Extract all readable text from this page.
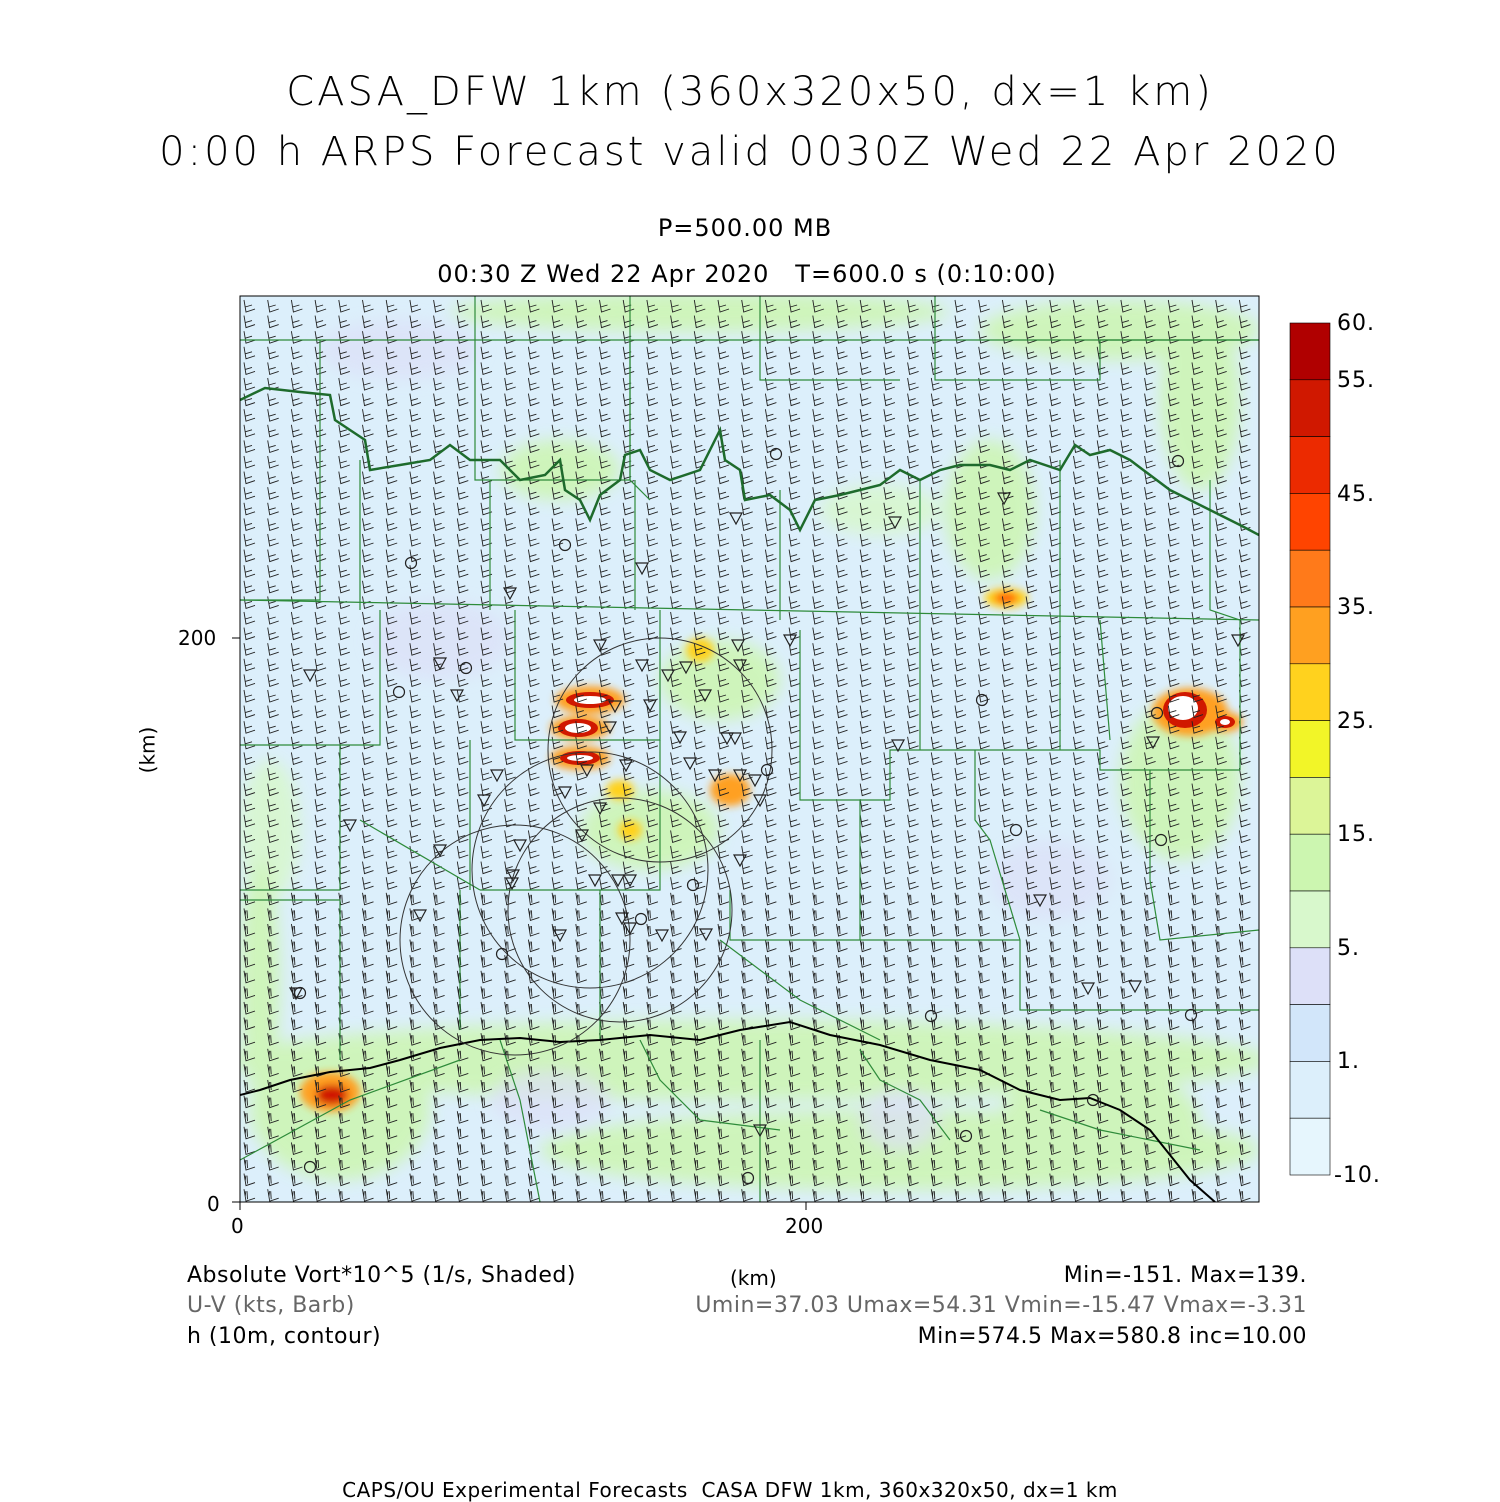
CASA_DFW 1km (360x320x50, dx=1 km)
0:00 h ARPS Forecast valid 0030Z Wed 22 Apr 2020
P=500.00 MB
00:30 Z Wed 22 Apr 2020   T=600.0 s (0:10:00)
(km)
200
0
0	200
(km)
60.
55.
45.
35.
25.
15.
5.
1.
-10.
Absolute Vort*10^5 (1/s, Shaded)	Min=-151. Max=139.
U-V (kts, Barb)	Umin=37.03 Umax=54.31 Vmin=-15.47 Vmax=-3.31
h (10m, contour)	Min=574.5 Max=580.8 inc=10.00
CAPS/OU Experimental Forecasts  CASA DFW 1km, 360x320x50, dx=1 km
